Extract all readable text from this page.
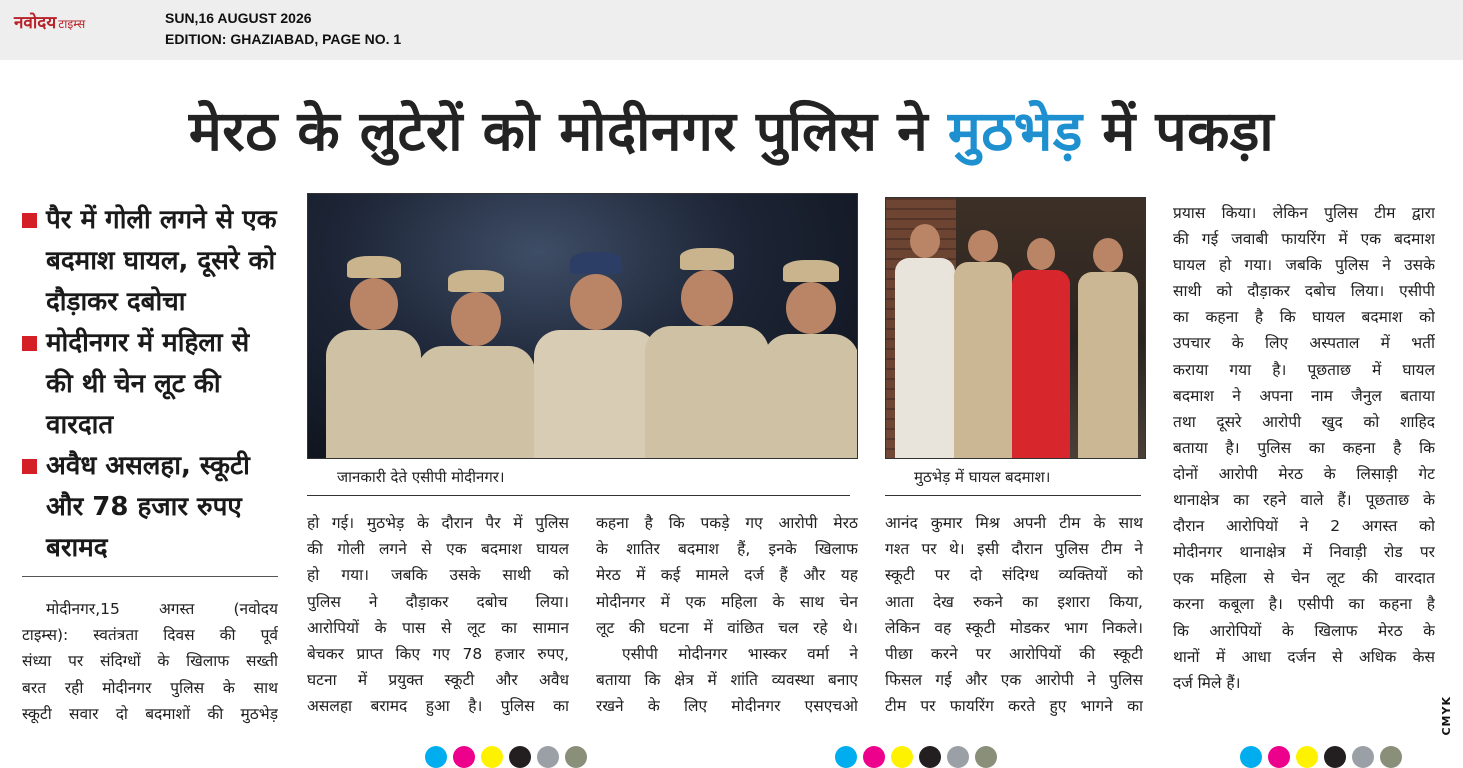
नवोदय टाइम्स	SUN,16 AUGUST 2026
EDITION: GHAZIABAD, PAGE NO. 1
मेरठ के लुटेरों को मोदीनगर पुलिस ने मुठभेड़ में पकड़ा
पैर में गोली लगने से एक बदमाश घायल, दूसरे को दौड़ाकर दबोचा
मोदीनगर में महिला से की थी चेन लूट की वारदात
अवैध असलहा, स्कूटी और 78 हजार रुपए बरामद
जानकारी देते एसीपी मोदीनगर।	मुठभेड़ में घायल बदमाश।
मोदीनगर,15 अगस्त (नवोदय
टाइम्स): स्वतंत्रता दिवस की पूर्व
संध्या पर संदिग्धों के खिलाफ सख्ती
बरत रही मोदीनगर पुलिस के साथ
स्कूटी सवार दो बदमाशों की मुठभेड़
हो गई। मुठभेड़ के दौरान पैर में पुलिस
की गोली लगने से एक बदमाश घायल
हो गया। जबकि उसके साथी को
पुलिस ने दौड़ाकर दबोच लिया।
आरोपियों के पास से लूट का सामान
बेचकर प्राप्त किए गए 78 हजार रुपए,
घटना में प्रयुक्त स्कूटी और अवैध
असलहा बरामद हुआ है। पुलिस का
कहना है कि पकड़े गए आरोपी मेरठ
के शातिर बदमाश हैं, इनके खिलाफ
मेरठ में कई मामले दर्ज हैं और यह
मोदीनगर में एक महिला के साथ चेन
लूट की घटना में वांछित चल रहे थे।
एसीपी मोदीनगर भास्कर वर्मा ने
बताया कि क्षेत्र में शांति व्यवस्था बनाए
रखने के लिए मोदीनगर एसएचओ
आनंद कुमार मिश्र अपनी टीम के साथ
गश्त पर थे। इसी दौरान पुलिस टीम ने
स्कूटी पर दो संदिग्ध व्यक्तियों को
आता देख रुकने का इशारा किया,
लेकिन वह स्कूटी मोडकर भाग निकले।
पीछा करने पर आरोपियों की स्कूटी
फिसल गई और एक आरोपी ने पुलिस
टीम पर फायरिंग करते हुए भागने का
प्रयास किया। लेकिन पुलिस टीम द्वारा
की गई जवाबी फायरिंग में एक बदमाश
घायल हो गया। जबकि पुलिस ने उसके
साथी को दौड़ाकर दबोच लिया। एसीपी
का कहना है कि घायल बदमाश को
उपचार के लिए अस्पताल में भर्ती
कराया गया है। पूछताछ में घायल
बदमाश ने अपना नाम जैनुल बताया
तथा दूसरे आरोपी खुद को शाहिद
बताया है। पुलिस का कहना है कि
दोनों आरोपी मेरठ के लिसाड़ी गेट
थानाक्षेत्र का रहने वाले हैं। पूछताछ के
दौरान आरोपियों ने 2 अगस्त को
मोदीनगर थानाक्षेत्र में निवाड़ी रोड पर
एक महिला से चेन लूट की वारदात
करना कबूला है। एसीपी का कहना है
कि आरोपियों के खिलाफ मेरठ के
थानों में आधा दर्जन से अधिक केस
दर्ज मिले हैं।
CMYK
